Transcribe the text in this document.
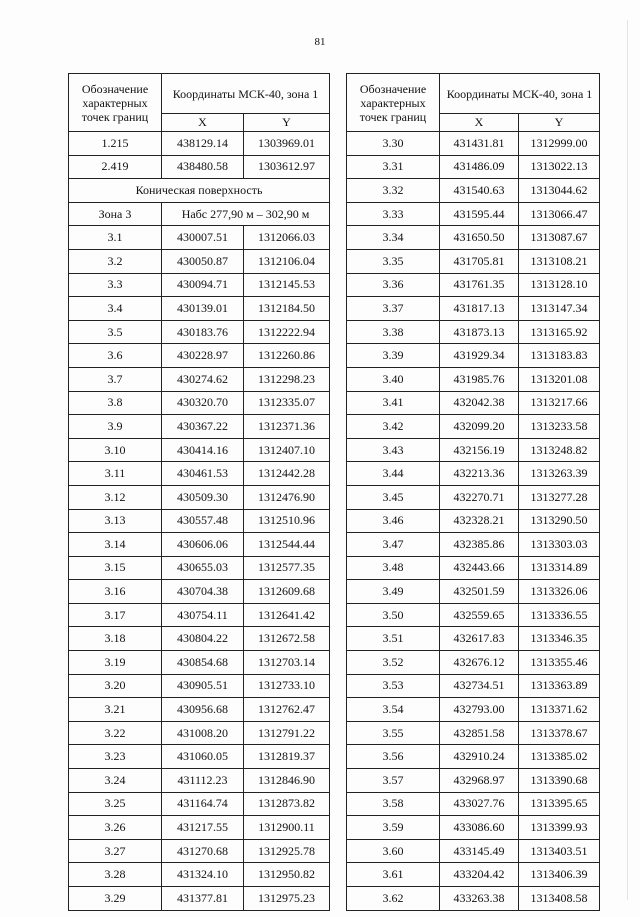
81
Обозначение характерных точек границ	Координаты МСК-40, зона 1	
	X	Y
1.215	438129.14	1303969.01
2.419	438480.58	1303612.97
Коническая поверхность		
Зона 3	Набс 277,90 м – 302,90 м	
3.1	430007.51	1312066.03
3.2	430050.87	1312106.04
3.3	430094.71	1312145.53
3.4	430139.01	1312184.50
3.5	430183.76	1312222.94
3.6	430228.97	1312260.86
3.7	430274.62	1312298.23
3.8	430320.70	1312335.07
3.9	430367.22	1312371.36
3.10	430414.16	1312407.10
3.11	430461.53	1312442.28
3.12	430509.30	1312476.90
3.13	430557.48	1312510.96
3.14	430606.06	1312544.44
3.15	430655.03	1312577.35
3.16	430704.38	1312609.68
3.17	430754.11	1312641.42
3.18	430804.22	1312672.58
3.19	430854.68	1312703.14
3.20	430905.51	1312733.10
3.21	430956.68	1312762.47
3.22	431008.20	1312791.22
3.23	431060.05	1312819.37
3.24	431112.23	1312846.90
3.25	431164.74	1312873.82
3.26	431217.55	1312900.11
3.27	431270.68	1312925.78
3.28	431324.10	1312950.82
3.29	431377.81	1312975.23
Обозначение характерных точек границ	Координаты МСК-40, зона 1	
	X	Y
3.30	431431.81	1312999.00
3.31	431486.09	1313022.13
3.32	431540.63	1313044.62
3.33	431595.44	1313066.47
3.34	431650.50	1313087.67
3.35	431705.81	1313108.21
3.36	431761.35	1313128.10
3.37	431817.13	1313147.34
3.38	431873.13	1313165.92
3.39	431929.34	1313183.83
3.40	431985.76	1313201.08
3.41	432042.38	1313217.66
3.42	432099.20	1313233.58
3.43	432156.19	1313248.82
3.44	432213.36	1313263.39
3.45	432270.71	1313277.28
3.46	432328.21	1313290.50
3.47	432385.86	1313303.03
3.48	432443.66	1313314.89
3.49	432501.59	1313326.06
3.50	432559.65	1313336.55
3.51	432617.83	1313346.35
3.52	432676.12	1313355.46
3.53	432734.51	1313363.89
3.54	432793.00	1313371.62
3.55	432851.58	1313378.67
3.56	432910.24	1313385.02
3.57	432968.97	1313390.68
3.58	433027.76	1313395.65
3.59	433086.60	1313399.93
3.60	433145.49	1313403.51
3.61	433204.42	1313406.39
3.62	433263.38	1313408.58
